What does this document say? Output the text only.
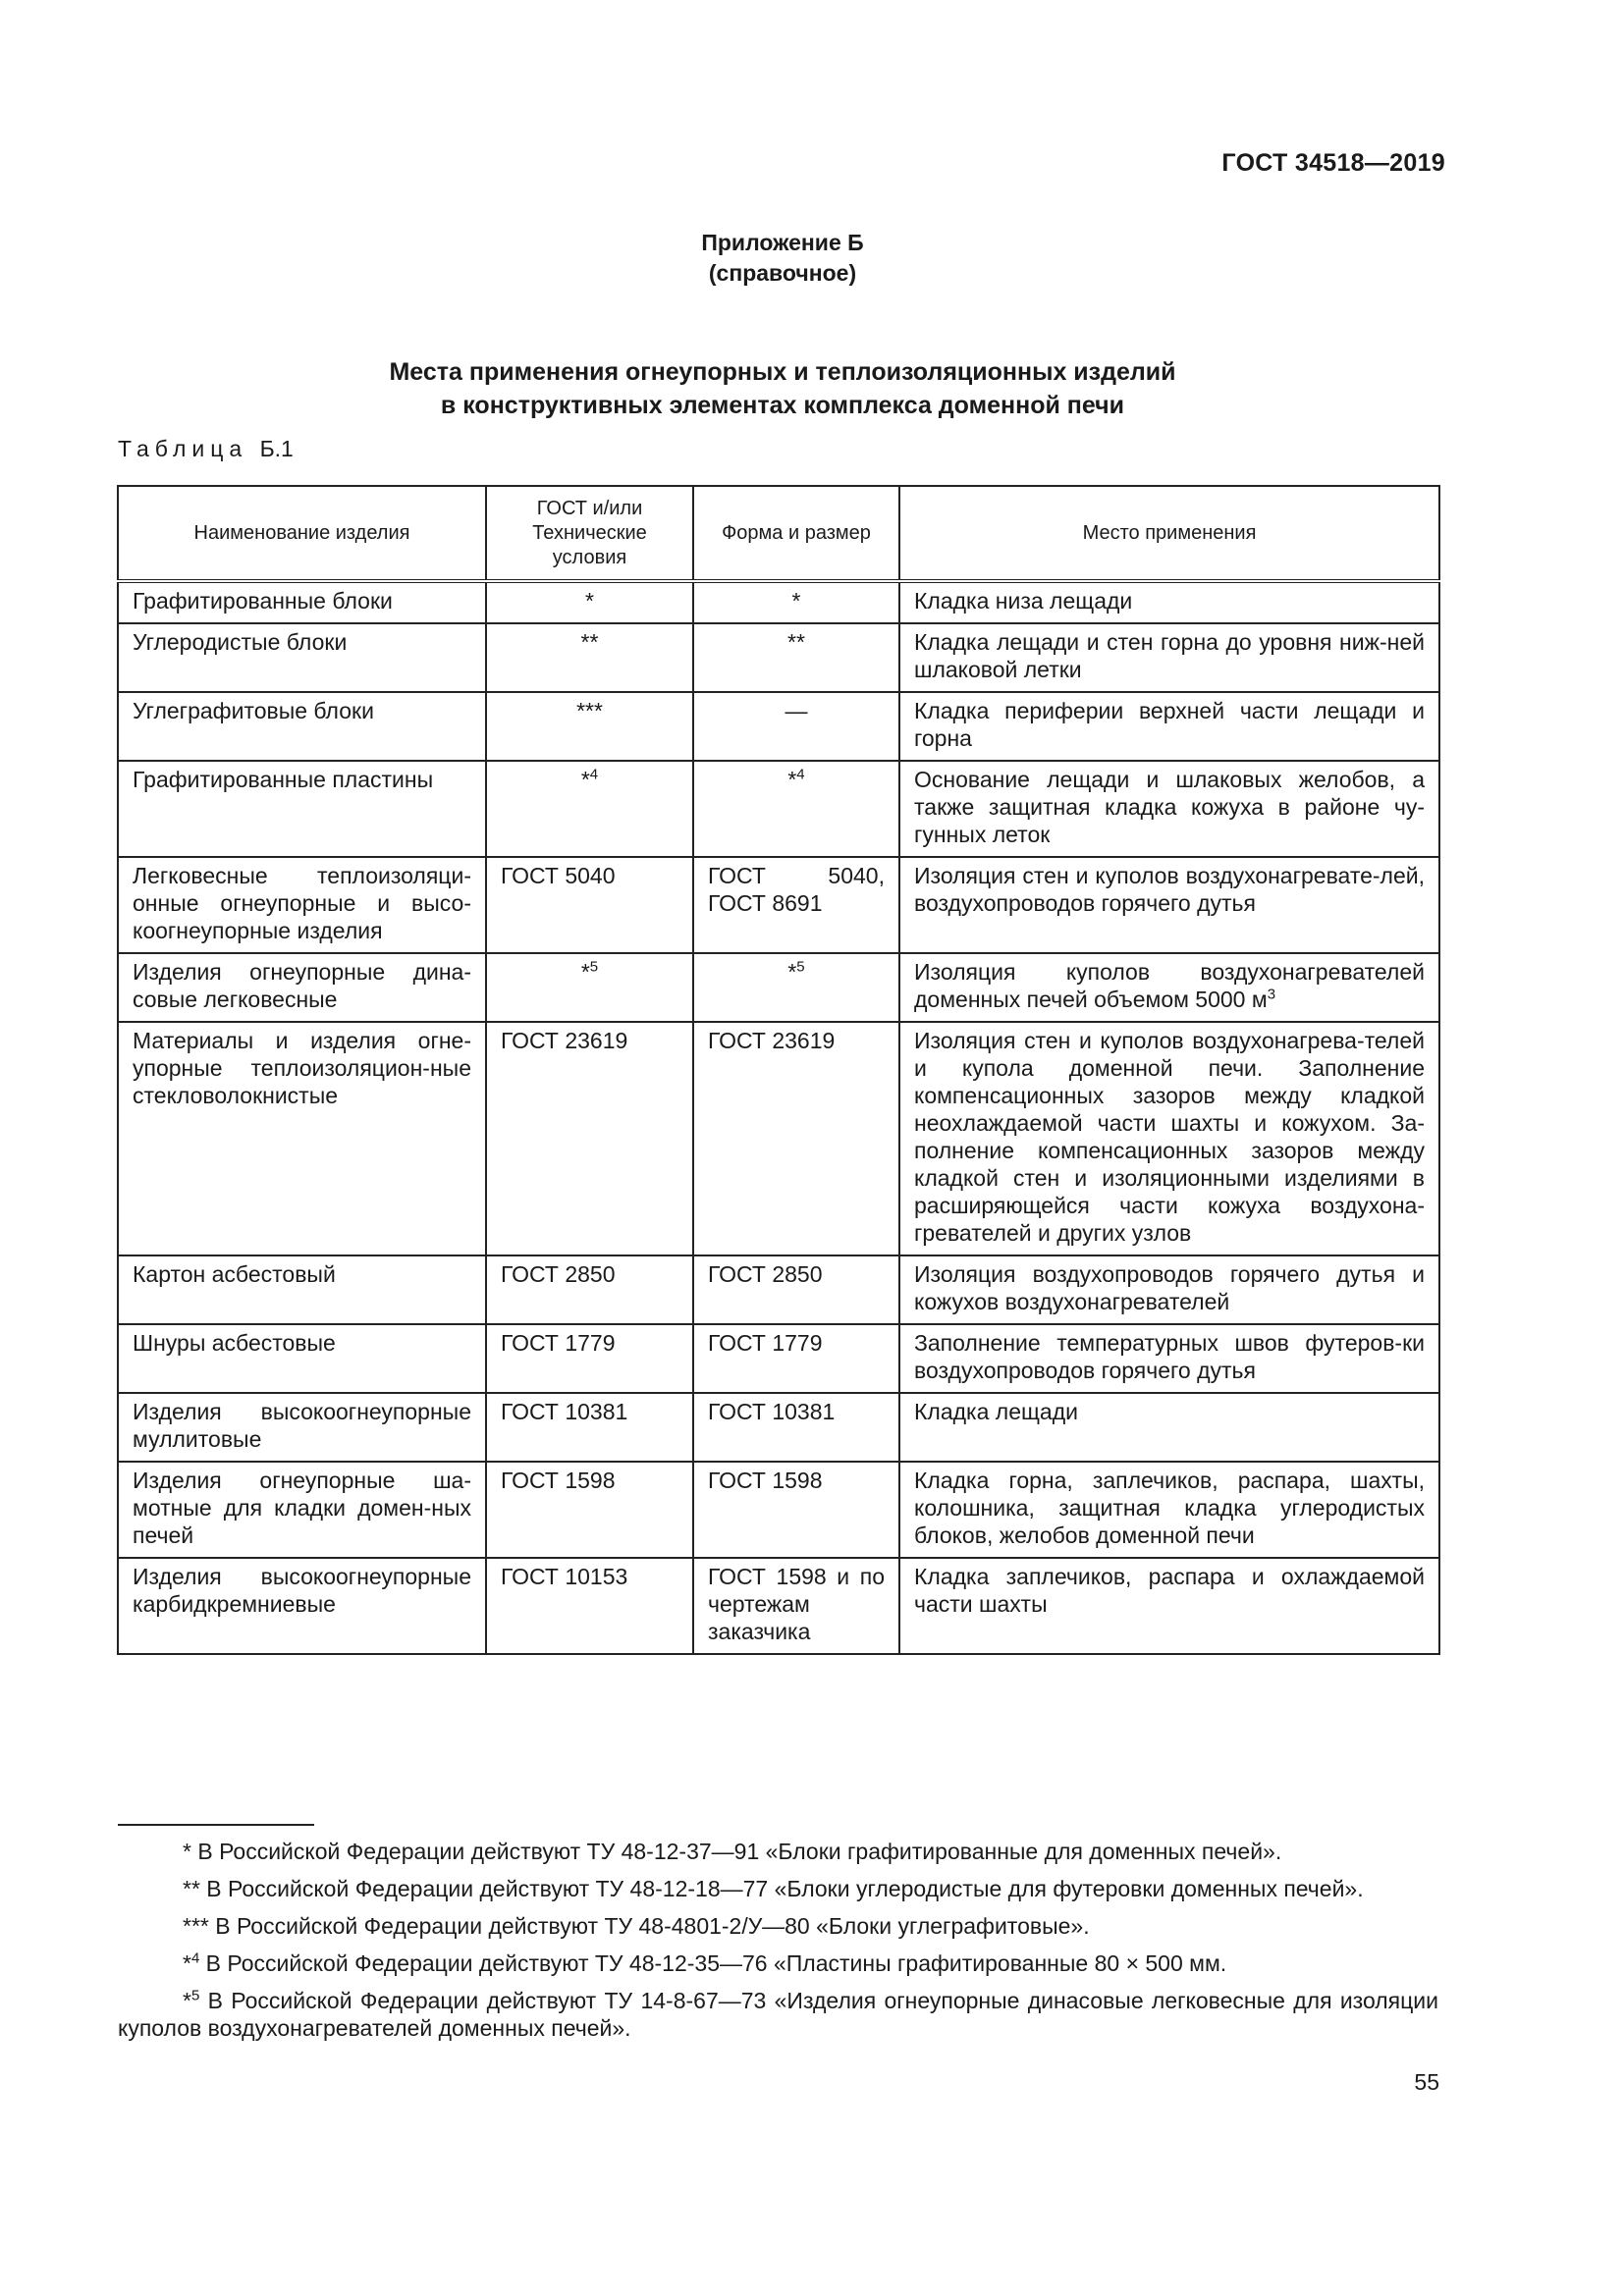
ГОСТ 34518—2019
Приложение Б
(справочное)
Места применения огнеупорных и теплоизоляционных изделий
в конструктивных элементах комплекса доменной печи
Таблица Б.1
Наименование изделия	ГОСТ и/или Технические условия	Форма и размер	Место применения
Графитированные блоки	*	*	Кладка низа лещади
Углеродистые блоки	**	**	Кладка лещади и стен горна до уровня ниж-ней шлаковой летки
Углеграфитовые блоки	***	—	Кладка периферии верхней части лещади и горна
Графитированные пластины	*$^4$	*$^4$	Основание лещади и шлаковых желобов, а также защитная кладка кожуха в районе чу-гунных леток
Легковесные теплоизоляци-онные огнеупорные и высо-коогнеупорные изделия	ГОСТ 5040	ГОСТ 5040, ГОСТ 8691	Изоляция стен и куполов воздухонагревате-лей, воздухопроводов горячего дутья
Изделия огнеупорные дина-совые легковесные	*$^5$	*$^5$	Изоляция куполов воздухонагревателей доменных печей объемом 5000 $м^3$
Материалы и изделия огне-упорные теплоизоляцион-ные стекловолокнистые	ГОСТ 23619	ГОСТ 23619	Изоляция стен и куполов воздухонагрева-телей и купола доменной печи. Заполнение компенсационных зазоров между кладкой неохлаждаемой части шахты и кожухом. За-полнение компенсационных зазоров между кладкой стен и изоляционными изделиями в расширяющейся части кожуха воздухона-гревателей и других узлов
Картон асбестовый	ГОСТ 2850	ГОСТ 2850	Изоляция воздухопроводов горячего дутья и кожухов воздухонагревателей
Шнуры асбестовые	ГОСТ 1779	ГОСТ 1779	Заполнение температурных швов футеров-ки воздухопроводов горячего дутья
Изделия высокоогнеупорные муллитовые	ГОСТ 10381	ГОСТ 10381	Кладка лещади
Изделия огнеупорные ша-мотные для кладки домен-ных печей	ГОСТ 1598	ГОСТ 1598	Кладка горна, заплечиков, распара, шахты, колошника, защитная кладка углеродистых блоков, желобов доменной печи
Изделия высокоогнеупорные карбидкремниевые	ГОСТ 10153	ГОСТ 1598 и по чертежам заказчика	Кладка заплечиков, распара и охлаждаемой части шахты

* В Российской Федерации действуют ТУ 48-12-37—91 «Блоки графитированные для доменных печей».

** В Российской Федерации действуют ТУ 48-12-18—77 «Блоки углеродистые для футеровки доменных печей».

*** В Российской Федерации действуют ТУ 48-4801-2/У—80 «Блоки углеграфитовые».

*$^4$ В Российской Федерации действуют ТУ 48-12-35—76 «Пластины графитированные 80 × 500 мм.

*$^5$ В Российской Федерации действуют ТУ 14-8-67—73 «Изделия огнеупорные динасовые легковесные для изоляции куполов воздухонагревателей доменных печей».

55
